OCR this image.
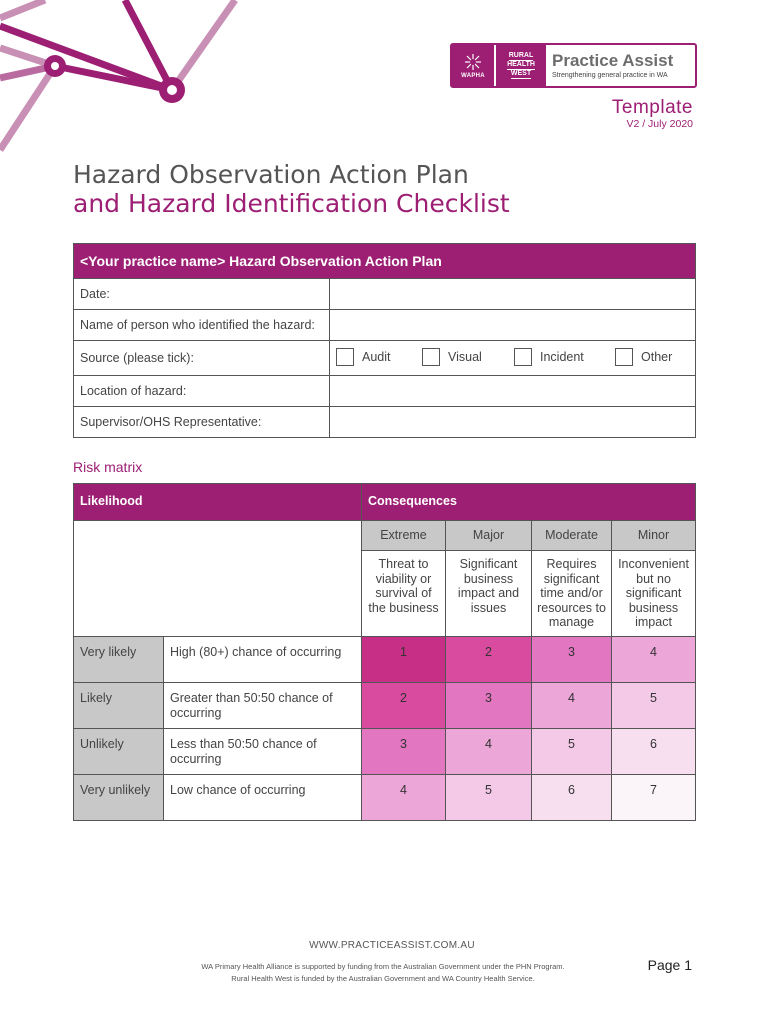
WAPHA
RURAL
HEALTH
WEST
Practice Assist
Strengthening general practice in WA
Template
V2 / July 2020
Hazard Observation Action Plan
and Hazard Identification Checklist
<Your practice name> Hazard Observation Action Plan	
Date:	
Name of person who identified the hazard:	
Source (please tick):	Audit Visual Incident Other

Location of hazard:	
Supervisor/OHS Representative:	
Risk matrix
Likelihood		Consequences			
		Extreme	Major	Moderate	Minor
		Threat to viability or survival of the business	Significant business impact and issues	Requires significant time and/or resources to manage	Inconvenient but no significant business impact
Very likely	High (80+) chance of occurring	1	2	3	4
Likely	Greater than 50:50 chance of occurring	2	3	4	5
Unlikely	Less than 50:50 chance of occurring	3	4	5	6
Very unlikely	Low chance of occurring	4	5	6	7
WWW.PRACTICEASSIST.COM.AU
WA Primary Health Alliance is supported by funding from the Australian Government under the PHN Program.
Rural Health West is funded by the Australian Government and WA Country Health Service.
Page 1
